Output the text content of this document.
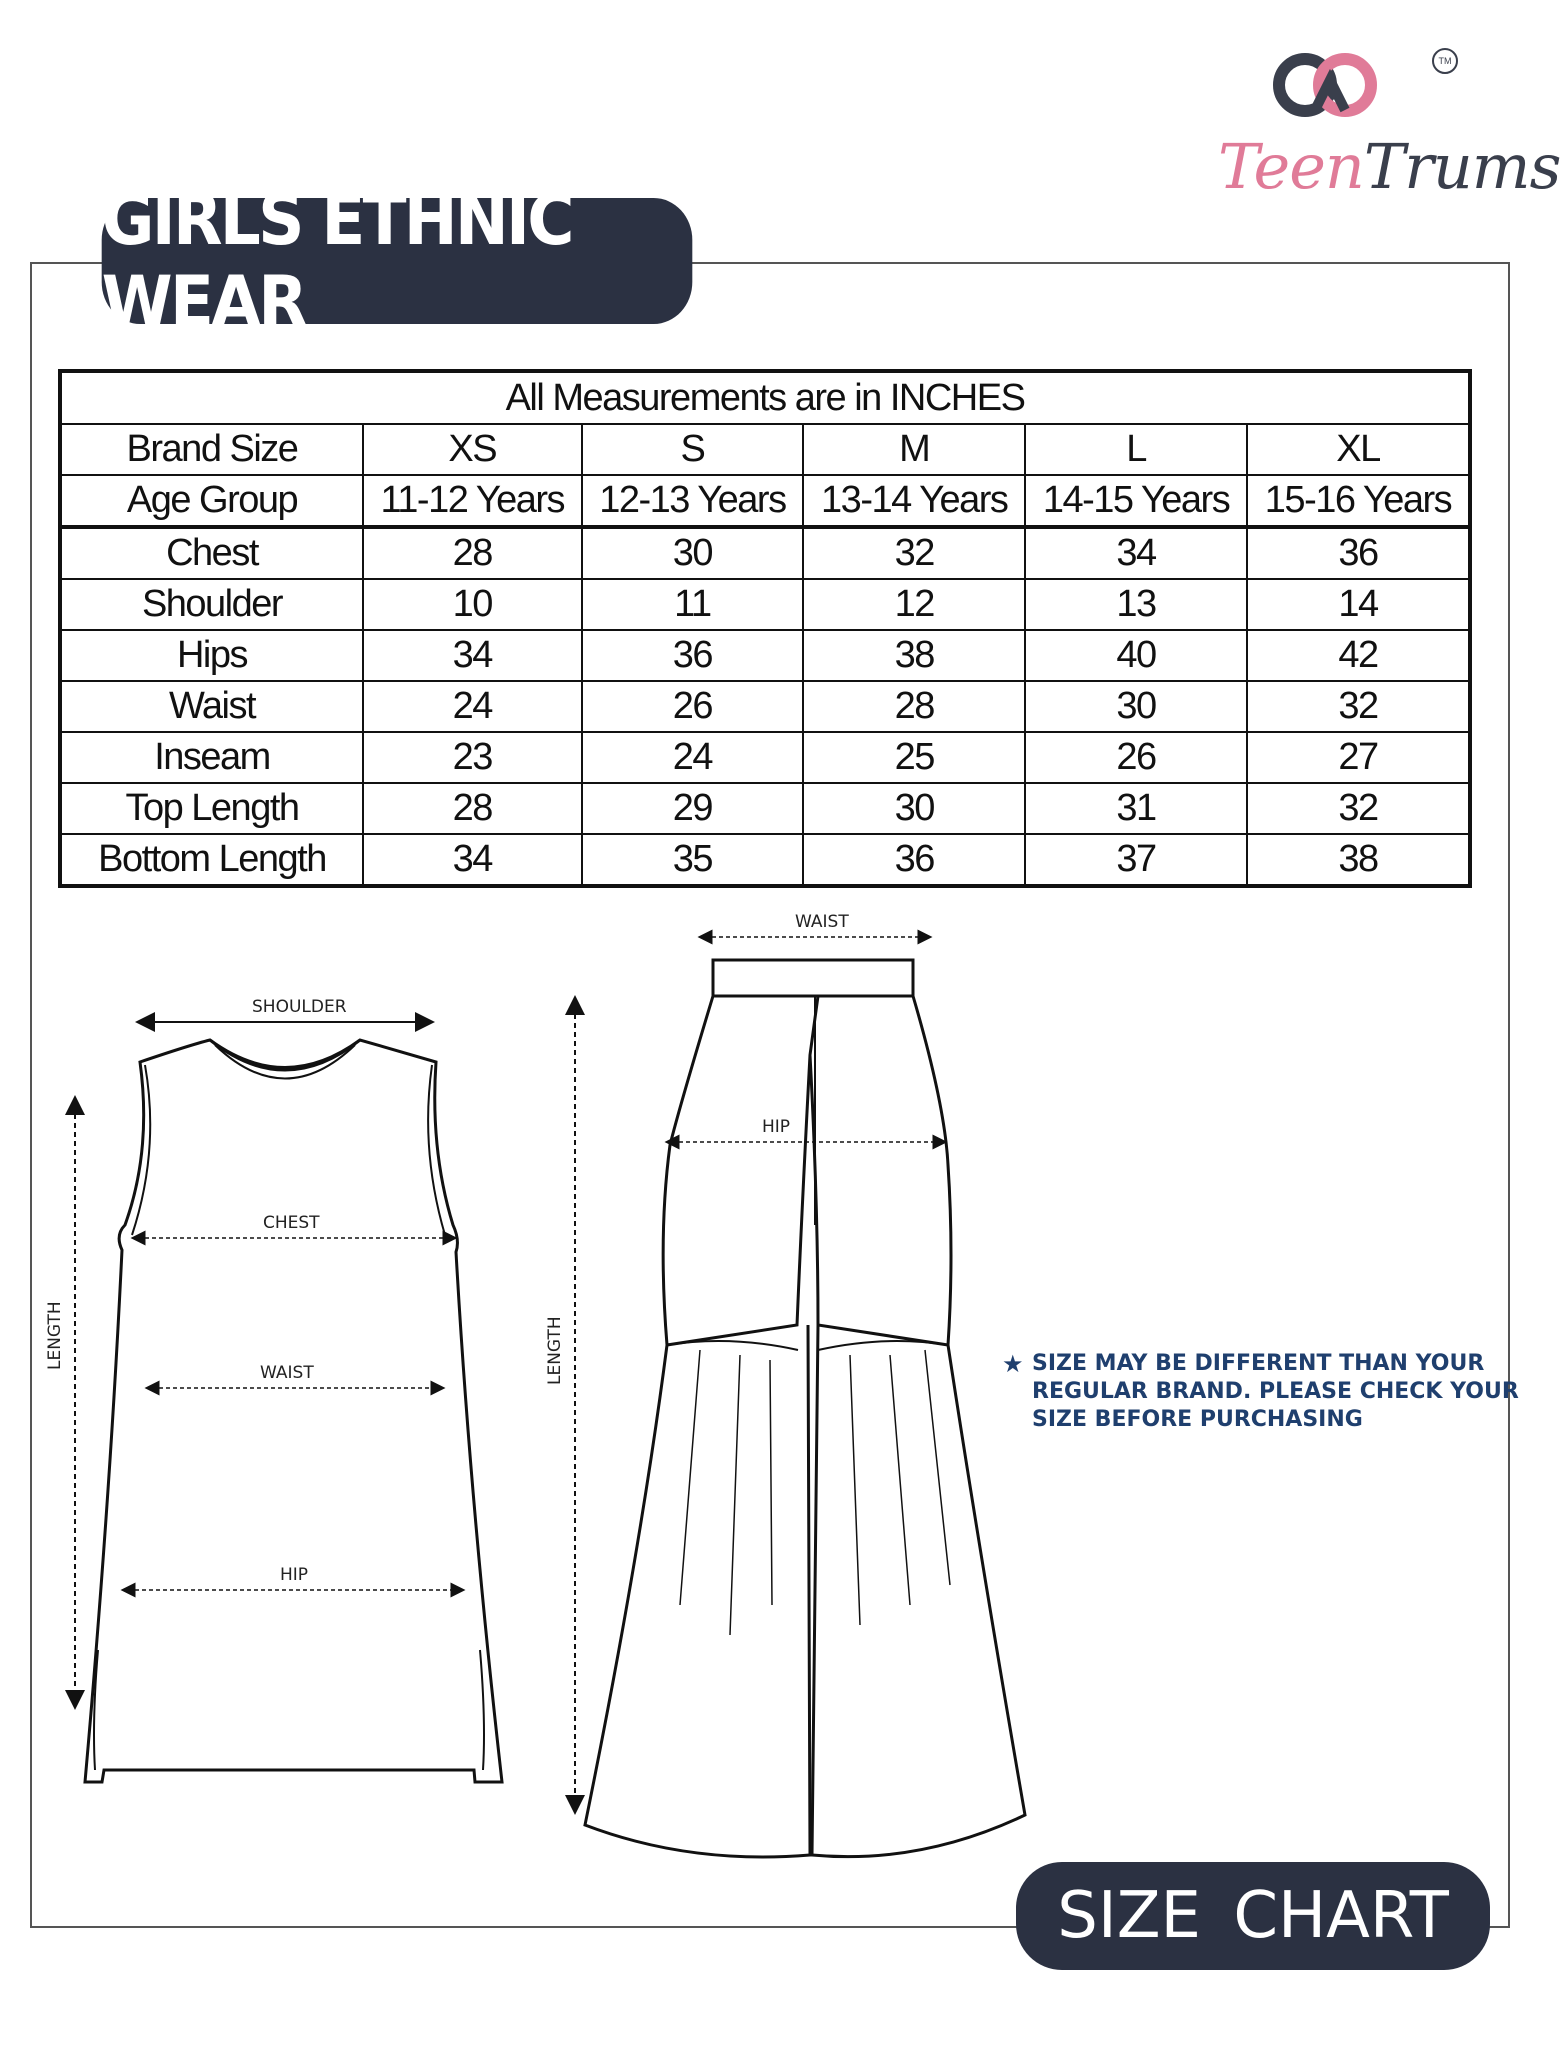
TM
TeenTrums
GIRLS ETHNIC WEAR
All Measurements are in INCHES					
Brand Size	XS	S	M	L	XL
Age Group	11-12 Years	12-13 Years	13-14 Years	14-15 Years	15-16 Years
Chest	28	30	32	34	36
Shoulder	10	11	12	13	14
Hips	34	36	38	40	42
Waist	24	26	28	30	32
Inseam	23	24	25	26	27
Top Length	28	29	30	31	32
Bottom Length	34	35	36	37	38
SHOULDER
LENGTH
CHEST
WAIST
HIP
WAIST
LENGTH
HIP
★ SIZE MAY BE DIFFERENT THAN YOUR
REGULAR BRAND. PLEASE CHECK YOUR
SIZE BEFORE PURCHASING
SIZE CHART
